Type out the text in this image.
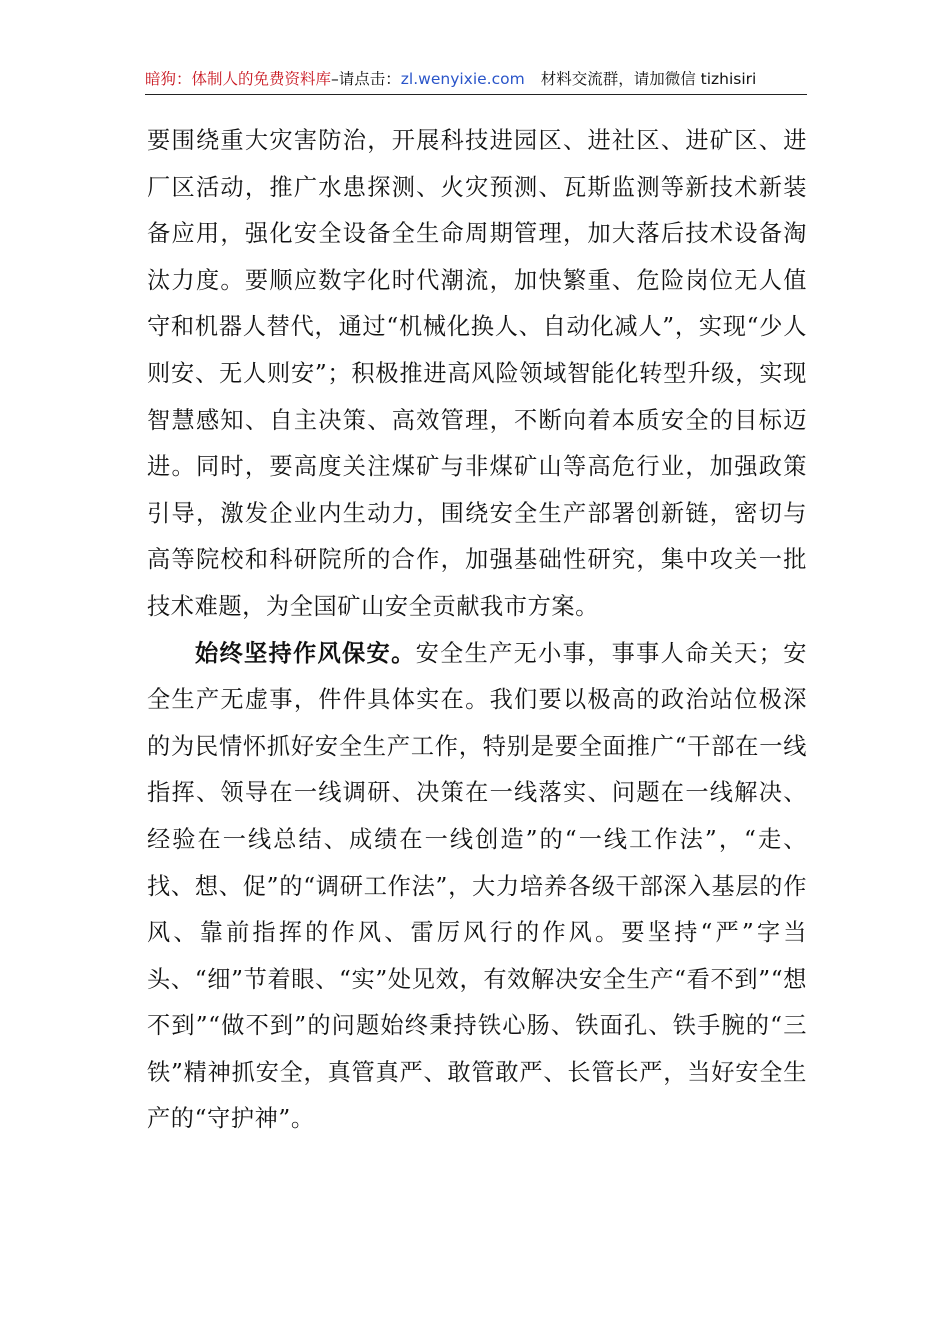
暗狗：体制人的免费资料库–请点击：zl.wenyixie.com 材料交流群，请加微信 tizhisiri

要围绕重大灾害防治，开展科技进园区、进社区、进矿区、进厂区活动，推广水患探测、火灾预测、瓦斯监测等新技术新装备应用，强化安全设备全生命周期管理，加大落后技术设备淘汰力度。要顺应数字化时代潮流，加快繁重、危险岗位无人值守和机器人替代，通过“机械化换人、自动化减人”，实现“少人则安、无人则安”；积极推进高风险领域智能化转型升级，实现智慧感知、自主决策、高效管理，不断向着本质安全的目标迈进。同时，要高度关注煤矿与非煤矿山等高危行业，加强政策引导，激发企业内生动力，围绕安全生产部署创新链，密切与高等院校和科研院所的合作，加强基础性研究，集中攻关一批技术难题，为全国矿山安全贡献我市方案。

始终坚持作风保安。安全生产无小事，事事人命关天；安全生产无虚事，件件具体实在。我们要以极高的政治站位极深的为民情怀抓好安全生产工作，特别是要全面推广“干部在一线指挥、领导在一线调研、决策在一线落实、问题在一线解决、经验在一线总结、成绩在一线创造”的“一线工作法”，“走、找、想、促”的“调研工作法”，大力培养各级干部深入基层的作风、靠前指挥的作风、雷厉风行的作风。要坚持“严”字当头、“细”节着眼、“实”处见效，有效解决安全生产“看不到”“想不到”“做不到”的问题始终秉持铁心肠、铁面孔、铁手腕的“三铁”精神抓安全，真管真严、敢管敢严、长管长严，当好安全生产的“守护神”。
